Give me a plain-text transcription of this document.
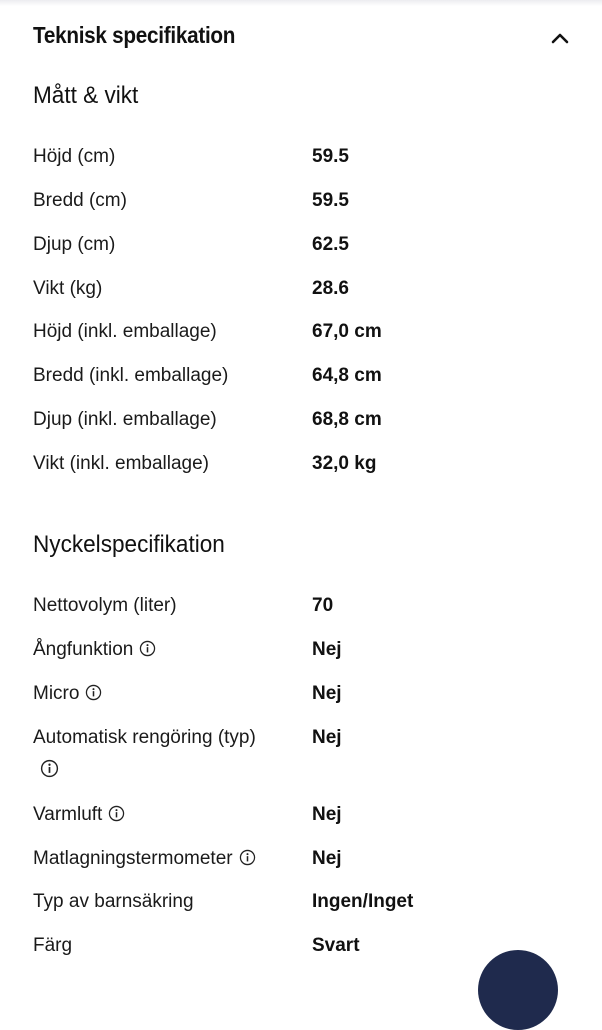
Teknisk specifikation
Mått & vikt
Höjd (cm)	59.5
Bredd (cm)	59.5
Djup (cm)	62.5
Vikt (kg)	28.6
Höjd (inkl. emballage)	67,0 cm
Bredd (inkl. emballage)	64,8 cm
Djup (inkl. emballage)	68,8 cm
Vikt (inkl. emballage)	32,0 kg
Nyckelspecifikation
Nettovolym (liter)	70
Ångfunktion	Nej
Micro	Nej
Automatisk rengöring (typ)	Nej
Varmluft	Nej
Matlagningstermometer	Nej
Typ av barnsäkring	Ingen/Inget
Färg	Svart
